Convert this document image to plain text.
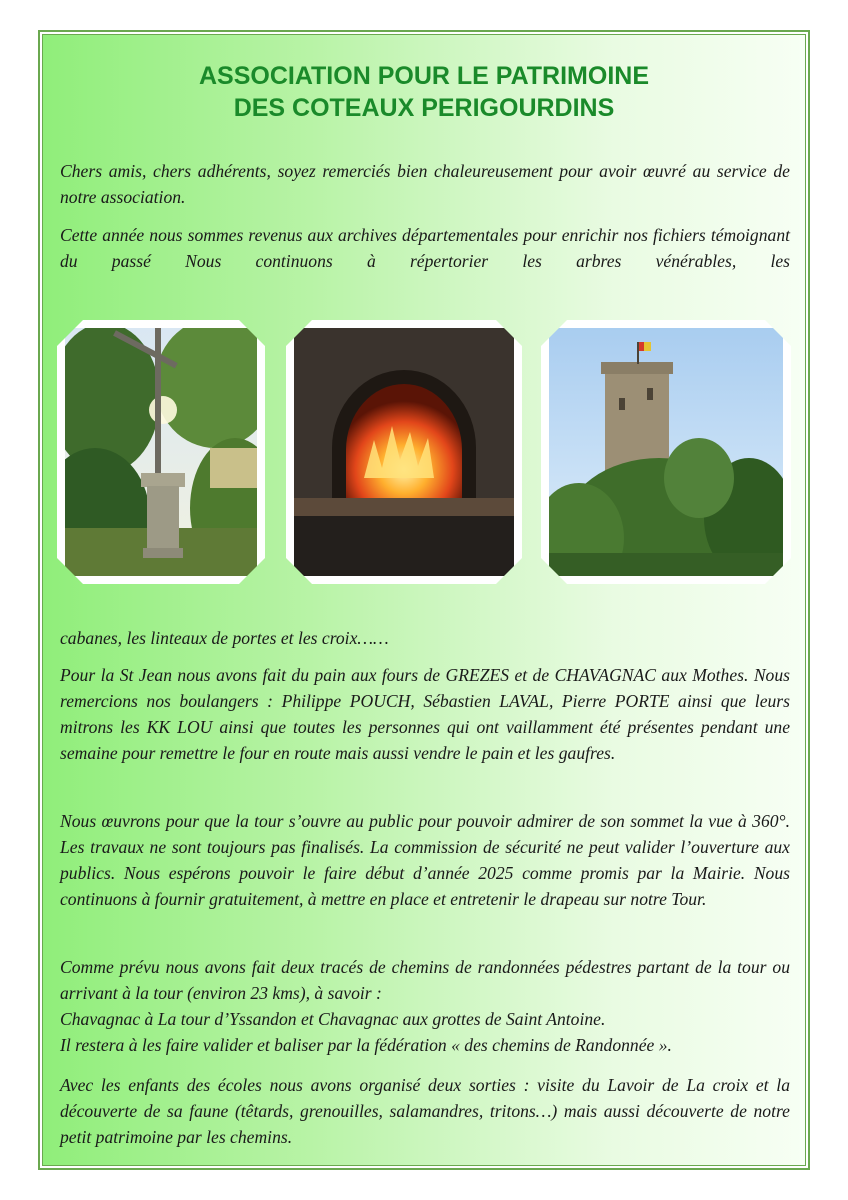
ASSOCIATION POUR LE PATRIMOINE
DES COTEAUX PERIGOURDINS

Chers amis, chers adhérents, soyez remerciés bien chaleureusement pour avoir œuvré au service de notre association.

Cette année nous sommes revenus aux archives départementales pour enrichir nos fichiers témoignant du passé Nous continuons à répertorier les arbres vénérables, les

cabanes, les linteaux de portes et les croix……

Pour la St Jean nous avons fait du pain aux fours de GREZES et de CHAVAGNAC aux Mothes. Nous remercions nos boulangers : Philippe POUCH, Sébastien LAVAL, Pierre PORTE ainsi que leurs mitrons les KK LOU ainsi que toutes les personnes qui ont vaillamment été présentes pendant une semaine pour remettre le four en route mais aussi vendre le pain et les gaufres.

Nous œuvrons pour que la tour s’ouvre au public pour pouvoir admirer de son sommet la vue à 360°. Les travaux ne sont toujours pas finalisés. La commission de sécurité ne peut valider l’ouverture aux publics. Nous espérons pouvoir le faire début d’année 2025 comme promis par la Mairie. Nous continuons à fournir gratuitement, à mettre en place et entretenir le drapeau sur notre Tour.

Comme prévu nous avons fait deux tracés de chemins de randonnées pédestres partant de la tour ou arrivant à la tour (environ 23 kms), à savoir :
Chavagnac à La tour d’Yssandon et Chavagnac aux grottes de Saint Antoine.
Il restera à les faire valider et baliser par la fédération « des chemins de Randonnée ».

Avec les enfants des écoles nous avons organisé deux sorties : visite du Lavoir de La croix et la découverte de sa faune (têtards, grenouilles, salamandres, tritons…) mais aussi découverte de notre petit patrimoine par les chemins.
